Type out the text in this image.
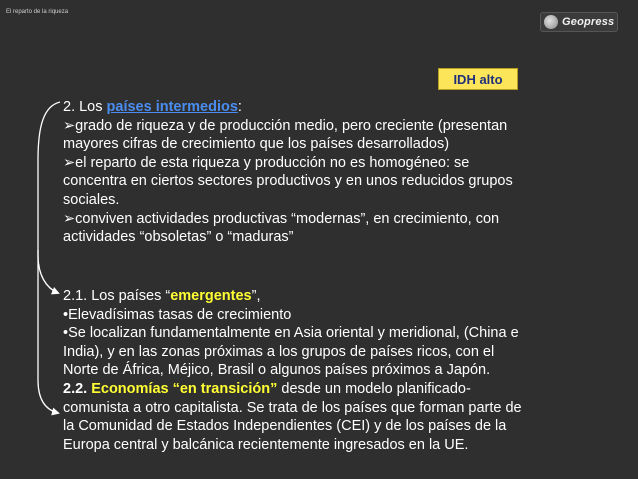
El reparto de la riqueza
Geopress
IDH alto
2. Los países intermedios:
➢grado de riqueza y de producción medio, pero creciente (presentan
mayores cifras de crecimiento que los países desarrollados)
➢el reparto de esta riqueza y producción no es homogéneo: se
concentra en ciertos sectores productivos y en unos reducidos grupos
sociales.
➢conviven actividades productivas “modernas”, en crecimiento, con
actividades “obsoletas” o “maduras”
2.1. Los países “emergentes”,
•Elevadísimas tasas de crecimiento
•Se localizan fundamentalmente en Asia oriental y meridional, (China e
India), y en las zonas próximas a los grupos de países ricos, con el
Norte de África, Méjico, Brasil o algunos países próximos a Japón.
2.2. Economías “en transición” desde un modelo planificado-
comunista a otro capitalista. Se trata de los países que forman parte de
la Comunidad de Estados Independientes (CEI) y de los países de la
Europa central y balcánica recientemente ingresados en la UE.
